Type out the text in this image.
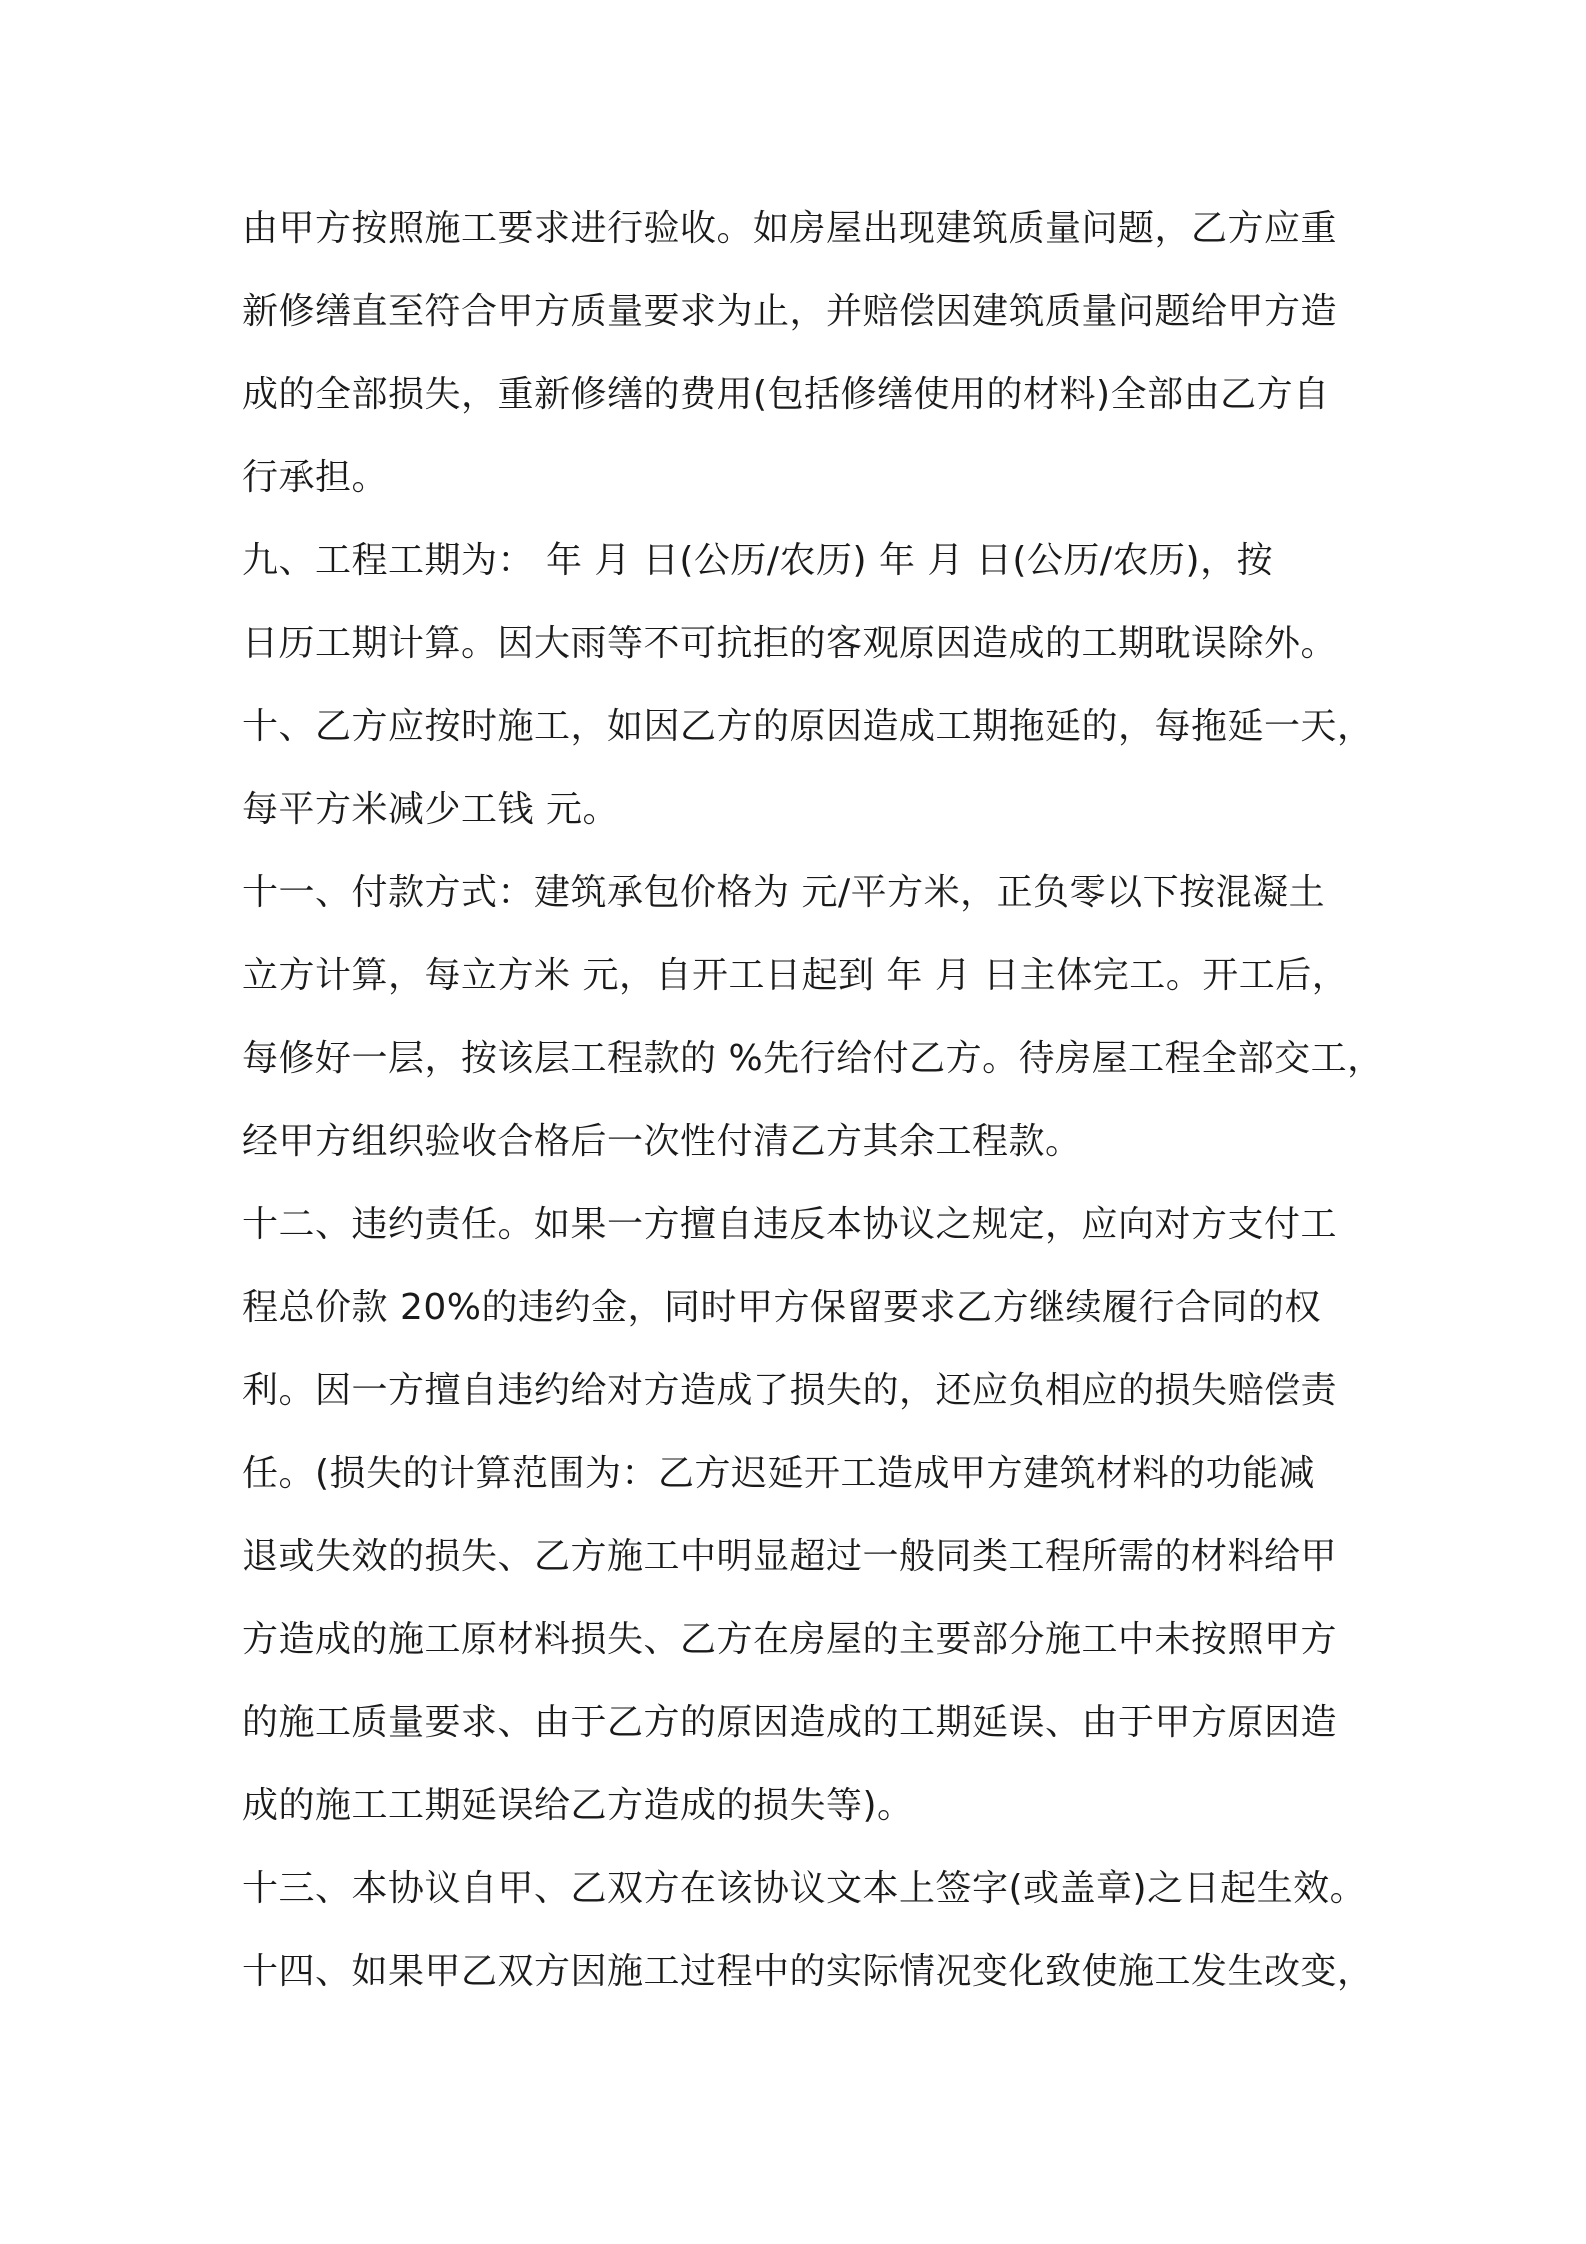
由甲方按照施工要求进行验收。如房屋出现建筑质量问题，乙方应重
新修缮直至符合甲方质量要求为止，并赔偿因建筑质量问题给甲方造
成的全部损失，重新修缮的费用(包括修缮使用的材料)全部由乙方自
行承担。
九、工程工期为： 年 月 日(公历/农历) 年 月 日(公历/农历)，按
日历工期计算。因大雨等不可抗拒的客观原因造成的工期耽误除外。
十、乙方应按时施工，如因乙方的原因造成工期拖延的，每拖延一天，
每平方米减少工钱 元。
十一、付款方式：建筑承包价格为 元/平方米，正负零以下按混凝土
立方计算，每立方米 元，自开工日起到 年 月 日主体完工。开工后，
每修好一层，按该层工程款的 %先行给付乙方。待房屋工程全部交工，
经甲方组织验收合格后一次性付清乙方其余工程款。
十二、违约责任。如果一方擅自违反本协议之规定，应向对方支付工
程总价款 20%的违约金，同时甲方保留要求乙方继续履行合同的权
利。因一方擅自违约给对方造成了损失的，还应负相应的损失赔偿责
任。(损失的计算范围为：乙方迟延开工造成甲方建筑材料的功能减
退或失效的损失、乙方施工中明显超过一般同类工程所需的材料给甲
方造成的施工原材料损失、乙方在房屋的主要部分施工中未按照甲方
的施工质量要求、由于乙方的原因造成的工期延误、由于甲方原因造
成的施工工期延误给乙方造成的损失等)。
十三、本协议自甲、乙双方在该协议文本上签字(或盖章)之日起生效。
十四、如果甲乙双方因施工过程中的实际情况变化致使施工发生改变，
